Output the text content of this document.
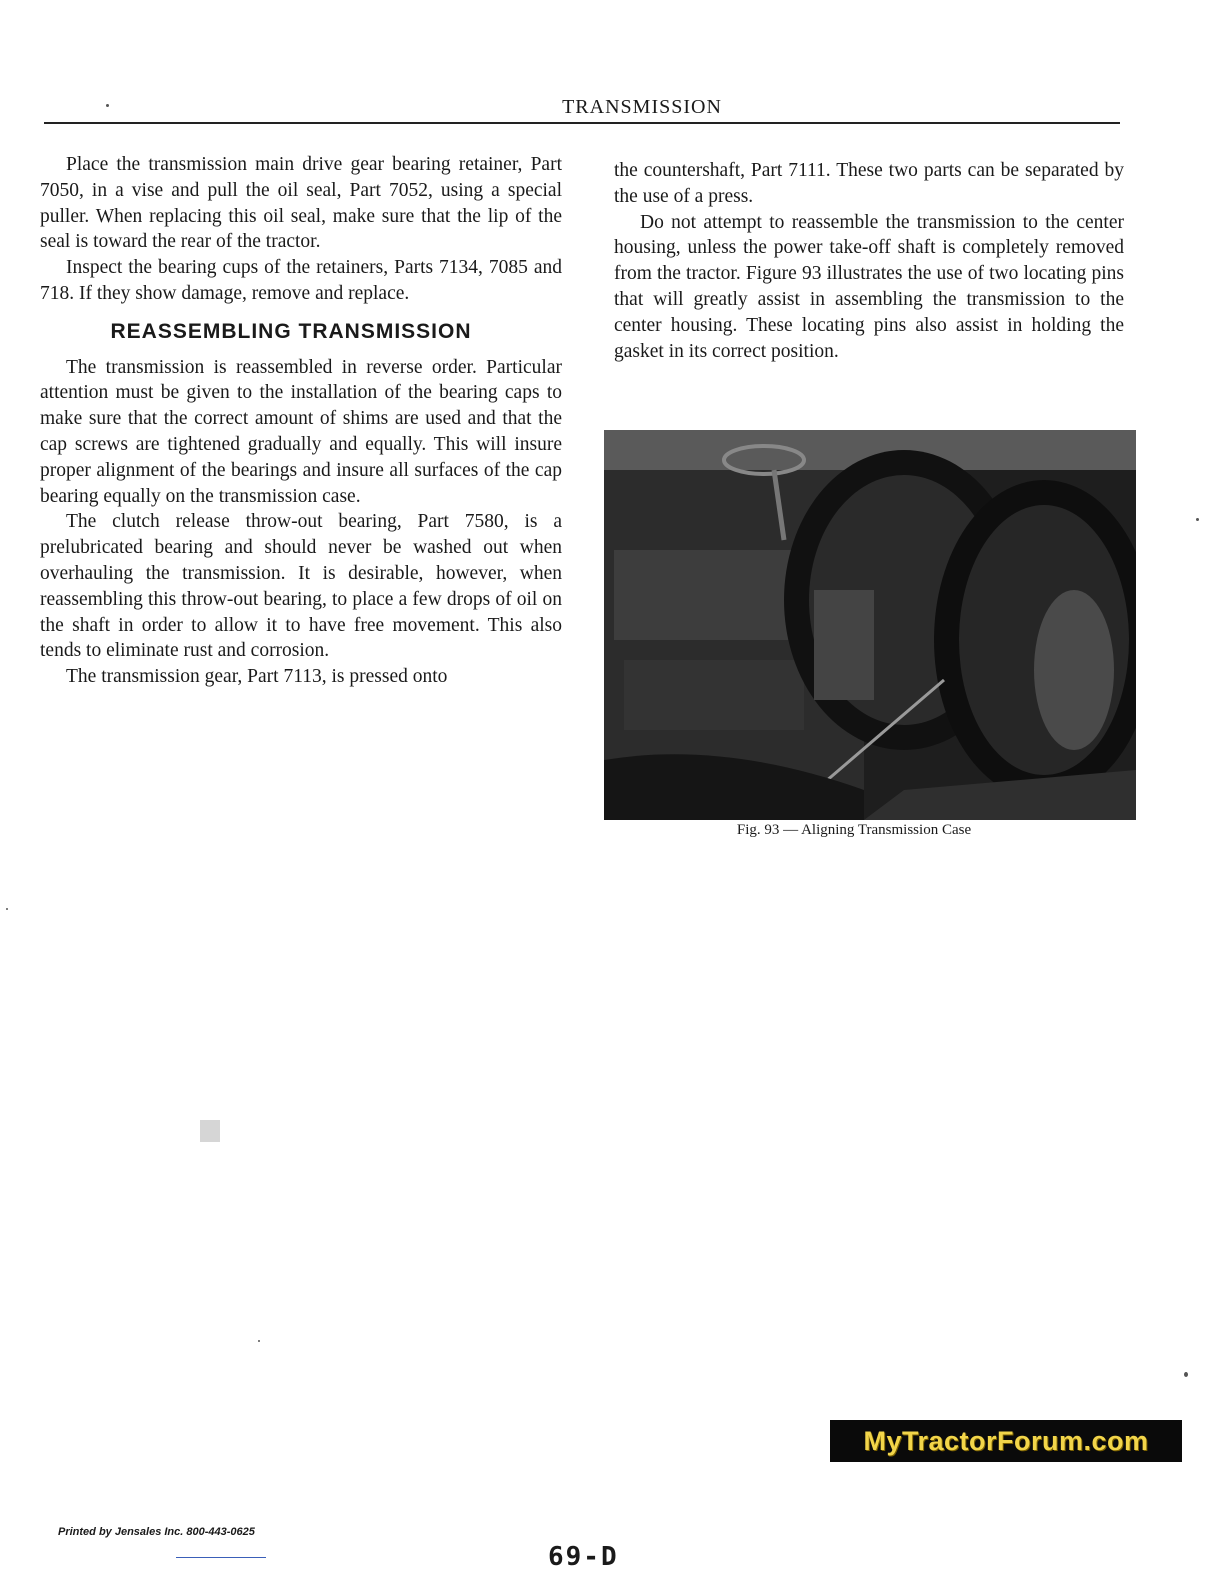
TRANSMISSION

Place the transmission main drive gear bearing retainer, Part 7050, in a vise and pull the oil seal, Part 7052, using a special puller. When replacing this oil seal, make sure that the lip of the seal is toward the rear of the tractor.

Inspect the bearing cups of the retainers, Parts 7134, 7085 and 718. If they show damage, remove and replace.

REASSEMBLING TRANSMISSION

The transmission is reassembled in reverse order. Particular attention must be given to the installation of the bearing caps to make sure that the correct amount of shims are used and that the cap screws are tightened gradually and equally. This will insure proper alignment of the bearings and insure all surfaces of the cap bearing equally on the transmission case.

The clutch release throw-out bearing, Part 7580, is a prelubricated bearing and should never be washed out when overhauling the transmission. It is desirable, however, when reassembling this throw-out bearing, to place a few drops of oil on the shaft in order to allow it to have free movement. This also tends to eliminate rust and corrosion.

The transmission gear, Part 7113, is pressed onto

the countershaft, Part 7111. These two parts can be separated by the use of a press.

Do not attempt to reassemble the transmission to the center housing, unless the power take-off shaft is completely removed from the tractor. Figure 93 illustrates the use of two locating pins that will greatly assist in assembling the transmission to the center housing. These locating pins also assist in holding the gasket in its correct position.

Fig. 93 — Aligning Transmission Case
MyTractorForum.com
Printed by Jensales Inc. 800-443-0625
69-D
